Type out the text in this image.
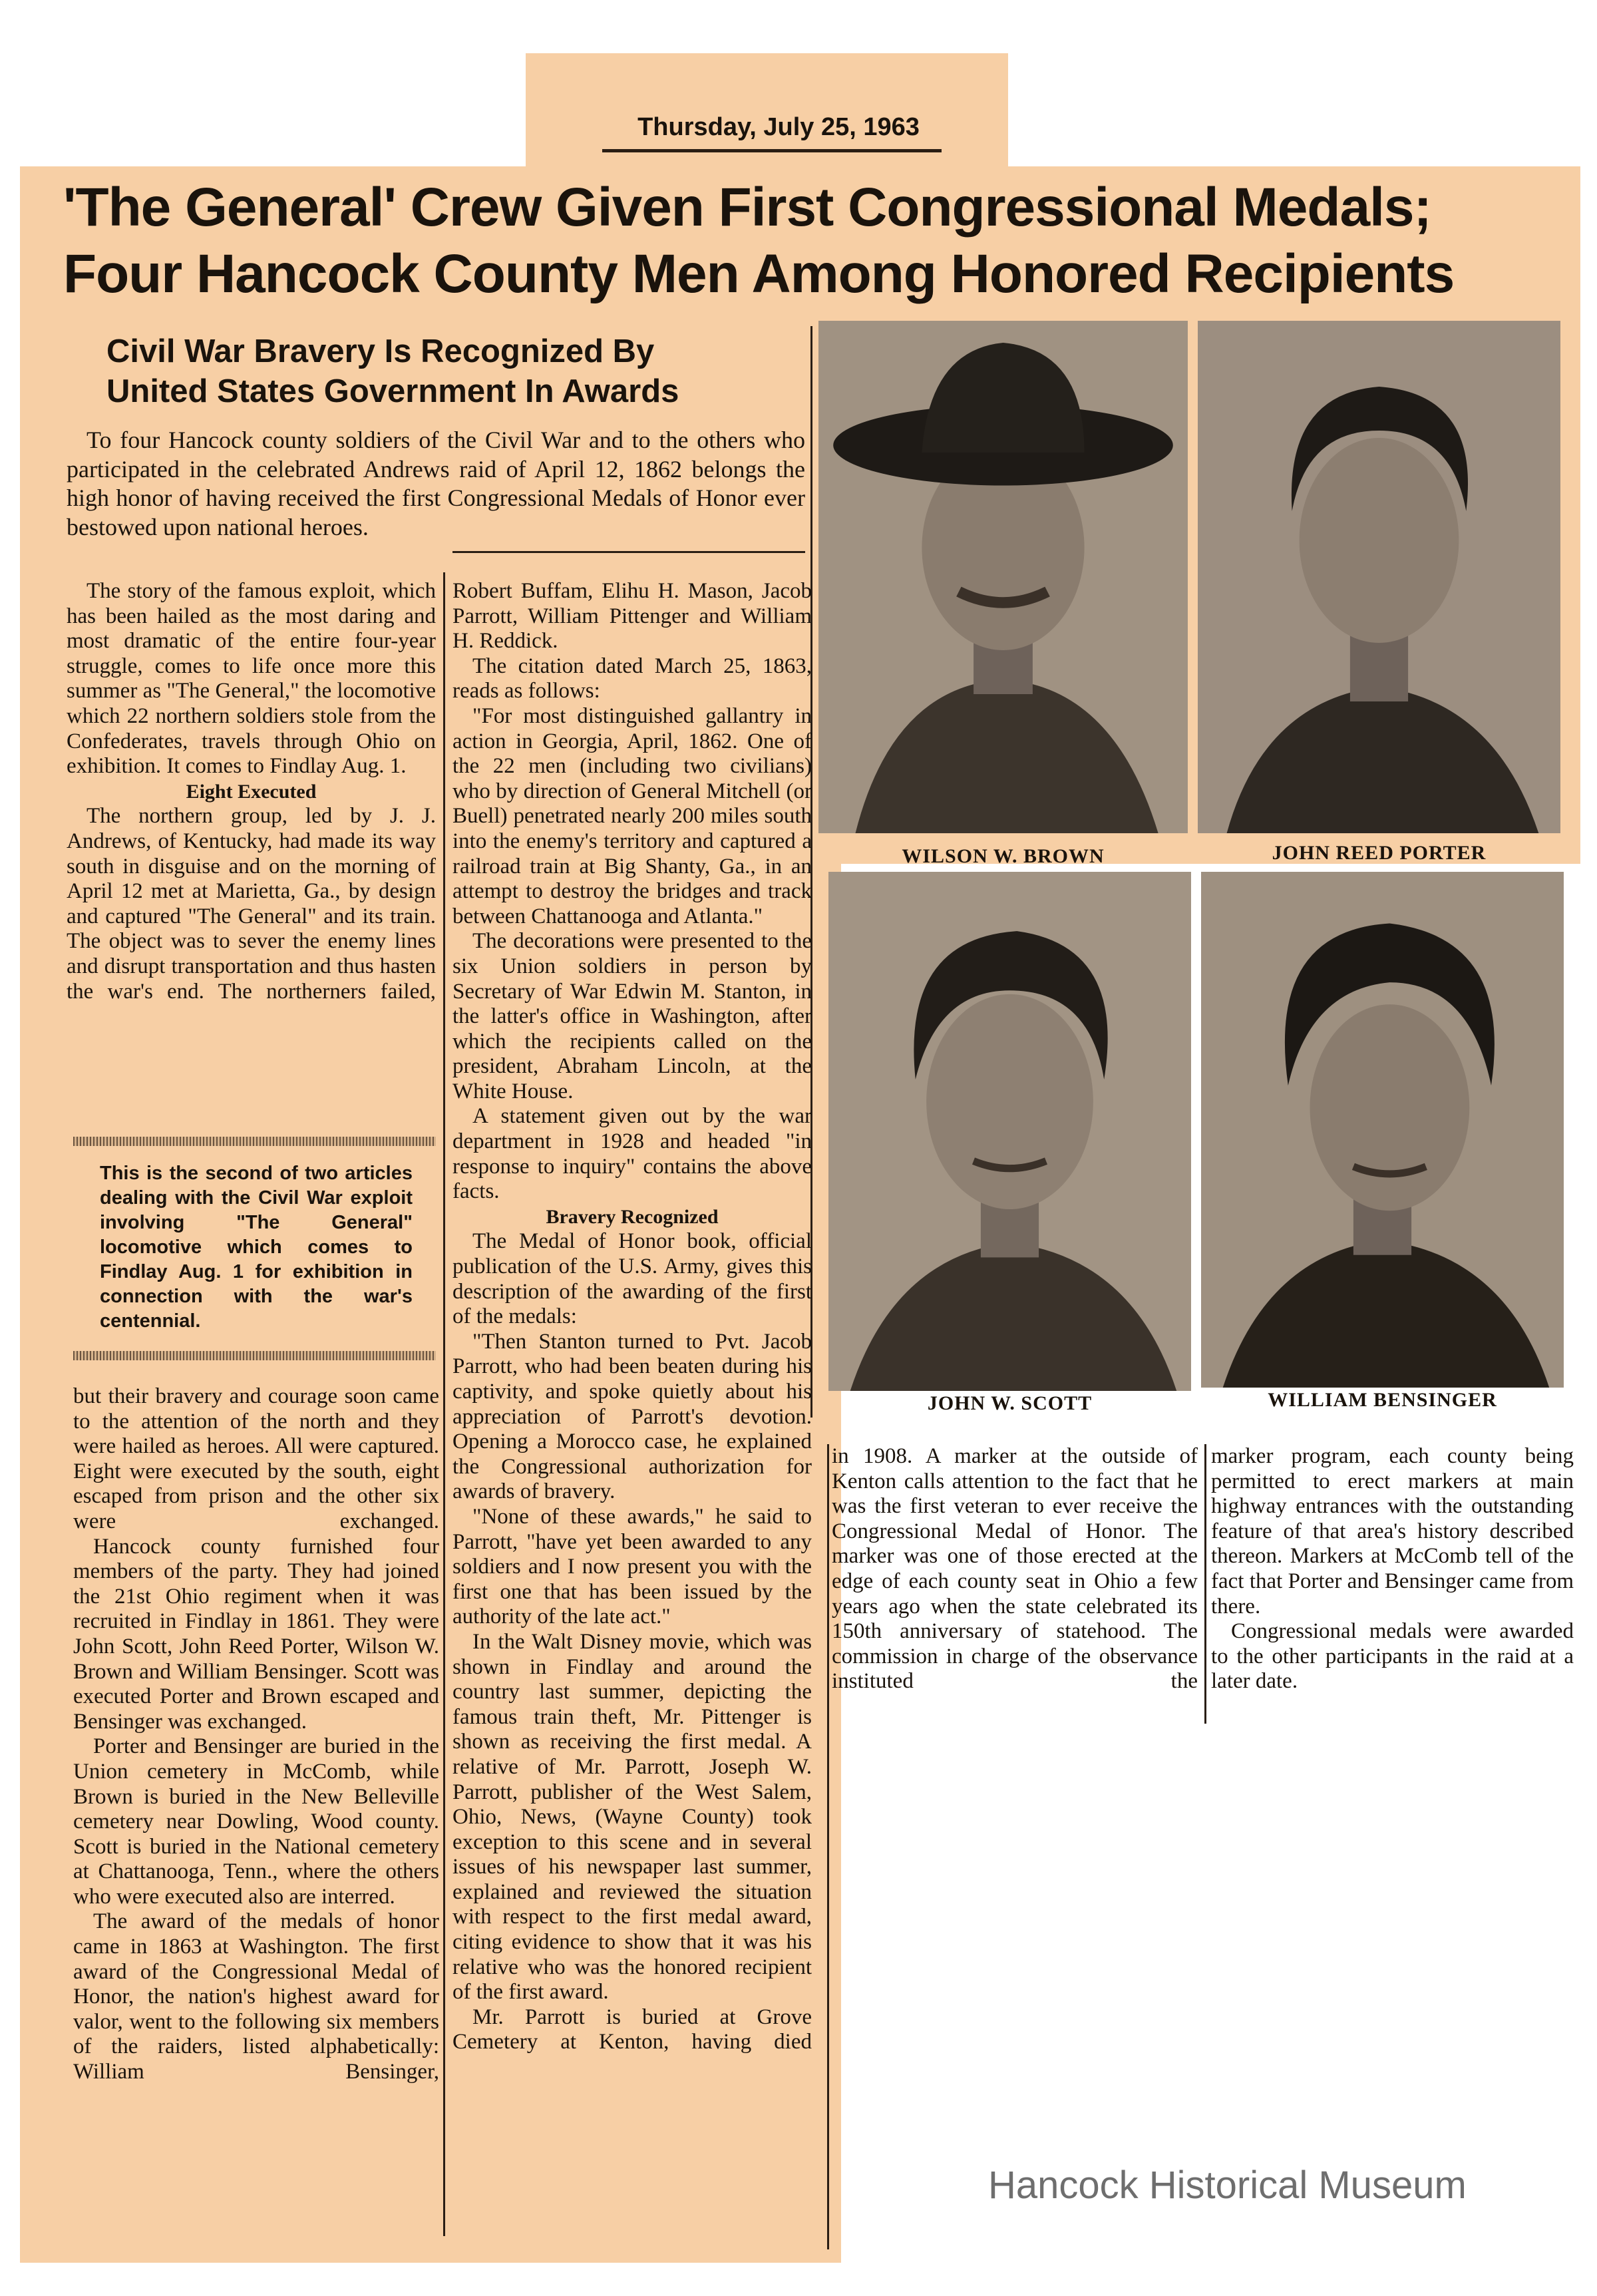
Thursday, July 25, 1963
'The General' Crew Given First Congressional Medals;
Four Hancock County Men Among Honored Recipients
Civil War Bravery Is Recognized By
United States Government In Awards

To four Hancock county soldiers of the Civil War and to the others who participated in the celebrated Andrews raid of April 12, 1862 belongs the high honor of having received the first Congressional Medals of Honor ever bestowed upon national heroes.

The story of the famous exploit, which has been hailed as the most daring and most dramatic of the entire four-year struggle, comes to life once more this summer as "The General," the locomotive which 22 northern soldiers stole from the Confederates, travels through Ohio on exhibition. It comes to Findlay Aug. 1.

Eight Executed

The northern group, led by J. J. Andrews, of Kentucky, had made its way south in disguise and on the morning of April 12 met at Marietta, Ga., by design and captured "The General" and its train. The object was to sever the enemy lines and disrupt transportation and thus hasten the war's end. The northerners failed,

This is the second of two articles dealing with the Civil War exploit involving "The General" locomotive which comes to Findlay Aug. 1 for exhibition in connection with the war's centennial.

but their bravery and courage soon came to the attention of the north and they were hailed as heroes. All were captured. Eight were executed by the south, eight escaped from prison and the other six were exchanged.

Hancock county furnished four members of the party. They had joined the 21st Ohio regiment when it was recruited in Findlay in 1861. They were John Scott, John Reed Porter, Wilson W. Brown and William Bensinger. Scott was executed Porter and Brown escaped and Bensinger was exchanged.

Porter and Bensinger are buried in the Union cemetery in McComb, while Brown is buried in the New Belleville cemetery near Dowling, Wood county. Scott is buried in the National cemetery at Chattanooga, Tenn., where the others who were executed also are interred.

The award of the medals of honor came in 1863 at Washington. The first award of the Congressional Medal of Honor, the nation's highest award for valor, went to the following six members of the raiders, listed alphabetically: William Bensinger,

Robert Buffam, Elihu H. Mason, Jacob Parrott, William Pittenger and William H. Reddick.

The citation dated March 25, 1863, reads as follows:

"For most distinguished gallantry in action in Georgia, April, 1862. One of the 22 men (including two civilians) who by direction of General Mitchell (or Buell) penetrated nearly 200 miles south into the enemy's territory and captured a railroad train at Big Shanty, Ga., in an attempt to destroy the bridges and track between Chattanooga and Atlanta."

The decorations were presented to the six Union soldiers in person by Secretary of War Edwin M. Stanton, in the latter's office in Washington, after which the recipients called on the president, Abraham Lincoln, at the White House.

A statement given out by the war department in 1928 and headed "in response to inquiry" contains the above facts.

Bravery Recognized

The Medal of Honor book, official publication of the U.S. Army, gives this description of the awarding of the first of the medals:

"Then Stanton turned to Pvt. Jacob Parrott, who had been beaten during his captivity, and spoke quietly about his appreciation of Parrott's devotion. Opening a Morocco case, he explained the Congressional authorization for awards of bravery.

"None of these awards," he said to Parrott, "have yet been awarded to any soldiers and I now present you with the first one that has been issued by the authority of the late act."

In the Walt Disney movie, which was shown in Findlay and around the country last summer, depicting the famous train theft, Mr. Pittenger is shown as receiving the first medal. A relative of Mr. Parrott, Joseph W. Parrott, publisher of the West Salem, Ohio, News, (Wayne County) took exception to this scene and in several issues of his newspaper last summer, explained and reviewed the situation with respect to the first medal award, citing evidence to show that it was his relative who was the honored recipient of the first award.

Mr. Parrott is buried at Grove Cemetery at Kenton, having died

in 1908. A marker at the outside of Kenton calls attention to the fact that he was the first veteran to ever receive the Congressional Medal of Honor. The marker was one of those erected at the edge of each county seat in Ohio a few years ago when the state celebrated its 150th anniversary of statehood. The commission in charge of the observance instituted the

marker program, each county being permitted to erect markers at main highway entrances with the outstanding feature of that area's history described thereon. Markers at McComb tell of the fact that Porter and Bensinger came from there.

Congressional medals were awarded to the other participants in the raid at a later date.

WILSON W. BROWN	JOHN REED PORTER
JOHN W. SCOTT	WILLIAM BENSINGER
Hancock Historical Museum
